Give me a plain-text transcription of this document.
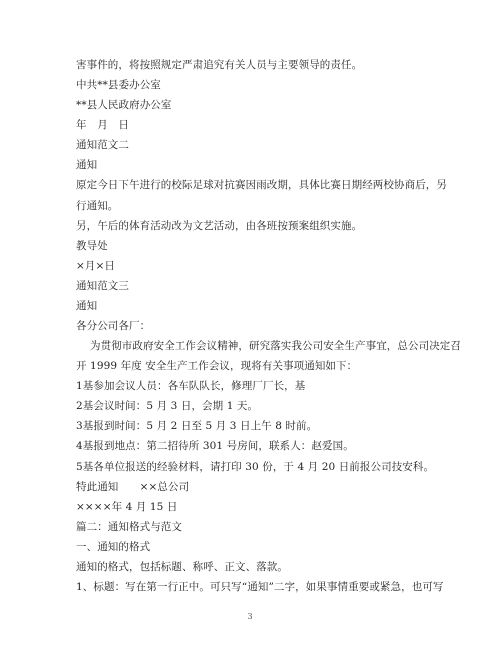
害事件的，将按照规定严肃追究有关人员与主要领导的责任。
中共**县委办公室
**县人民政府办公室
年　月　日
通知范文二
通知
原定今日下午进行的校际足球对抗赛因雨改期，具体比赛日期经两校协商后，另
行通知。
另，午后的体育活动改为文艺活动，由各班按预案组织实施。
教导处
×月×日
通知范文三
通知
各分公司各厂：
为贯彻市政府安全工作会议精神，研究落实我公司安全生产事宜，总公司决定召
开 1999 年度 安全生产工作会议，现将有关事项通知如下：
1基参加会议人员：各车队队长，修理厂厂长，基
2基会议时间：5 月 3 日，会期 1 天。
3基报到时间：5 月 2 日至 5 月 3 日上午 8 时前。
4基报到地点：第二招待所 301 号房间，联系人：赵爱国。
5基各单位报送的经验材料，请打印 30 份，于 4 月 20 日前报公司技安科。
特此通知　　××总公司
××××年 4 月 15 日
篇二：通知格式与范文
一、通知的格式
通知的格式，包括标题、称呼、正文、落款。
1、标题：写在第一行正中。可只写“通知”二字，如果事情重要或紧急，也可写
3
